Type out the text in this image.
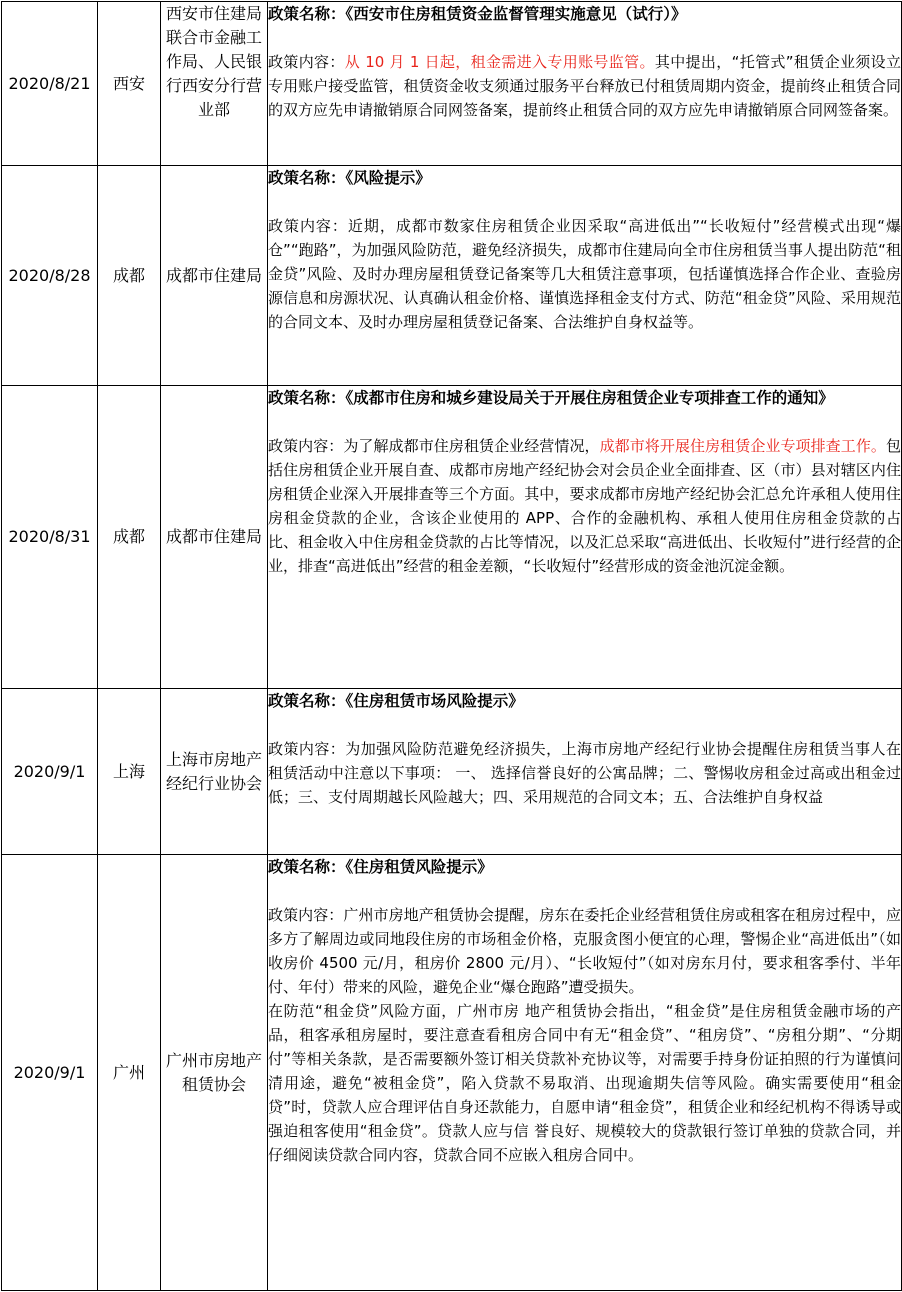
2020/8/21	西安	西安市住建局联合市金融工作局、人民银行西安分行营业部	政策名称：《西安市住房租赁资金监督管理实施意见（试行）》

政策内容：从 10 月 1 日起，租金需进入专用账号监管。其中提出，“托管式”租赁企业须设立专用账户接受监管，租赁资金收支须通过服务平台释放已付租赁周期内资金，提前终止租赁合同的双方应先申请撤销原合同网签备案，提前终止租赁合同的双方应先申请撤销原合同网签备案。

2020/8/28	成都	成都市住建局	政策名称：《风险提示》

政策内容：近期，成都市数家住房租赁企业因采取“高进低出”“长收短付”经营模式出现“爆仓”“跑路”，为加强风险防范，避免经济损失，成都市住建局向全市住房租赁当事人提出防范“租金贷”风险、及时办理房屋租赁登记备案等几大租赁注意事项，包括谨慎选择合作企业、查验房源信息和房源状况、认真确认租金价格、谨慎选择租金支付方式、防范“租金贷”风险、采用规范的合同文本、及时办理房屋租赁登记备案、合法维护自身权益等。

2020/8/31	成都	成都市住建局	政策名称：《成都市住房和城乡建设局关于开展住房租赁企业专项排查工作的通知》

政策内容：为了解成都市住房租赁企业经营情况，成都市将开展住房租赁企业专项排查工作。包括住房租赁企业开展自查、成都市房地产经纪协会对会员企业全面排查、区（市）县对辖区内住房租赁企业深入开展排查等三个方面。其中，要求成都市房地产经纪协会汇总允许承租人使用住房租金贷款的企业，含该企业使用的 APP、合作的金融机构、承租人使用住房租金贷款的占比、租金收入中住房租金贷款的占比等情况，以及汇总采取“高进低出、长收短付”进行经营的企业，排查“高进低出”经营的租金差额，“长收短付”经营形成的资金池沉淀金额。

2020/9/1	上海	上海市房地产经纪行业协会	政策名称：《住房租赁市场风险提示》

政策内容：为加强风险防范避免经济损失，上海市房地产经纪行业协会提醒住房租赁当事人在 租赁活动中注意以下事项： 一、 选择信誉良好的公寓品牌；二、警惕收房租金过高或出租金过低；三、支付周期越长风险越大；四、采用规范的合同文本；五、合法维护自身权益

2020/9/1	广州	广州市房地产租赁协会	政策名称：《住房租赁风险提示》

政策内容：广州市房地产租赁协会提醒，房东在委托企业经营租赁住房或租客在租房过程中，应多方了解周边或同地段住房的市场租金价格，克服贪图小便宜的心理，警惕企业“高进低出”（如收房价 4500 元/月，租房价 2800 元/月）、“长收短付”（如对房东月付，要求租客季付、半年付、年付）带来的风险，避免企业“爆仓跑路”遭受损失。

在防范“租金贷”风险方面，广州市房 地产租赁协会指出，“租金贷”是住房租赁金融市场的产品，租客承租房屋时，要注意查看租房合同中有无“租金贷”、“租房贷”、“房租分期”、“分期付”等相关条款，是否需要额外签订相关贷款补充协议等，对需要手持身份证拍照的行为谨慎问清用途，避免“被租金贷”，陷入贷款不易取消、出现逾期失信等风险。确实需要使用“租金贷”时，贷款人应合理评估自身还款能力，自愿申请“租金贷”，租赁企业和经纪机构不得诱导或强迫租客使用“租金贷”。贷款人应与信 誉良好、规模较大的贷款银行签订单独的贷款合同，并仔细阅读贷款合同内容，贷款合同不应嵌入租房合同中。
